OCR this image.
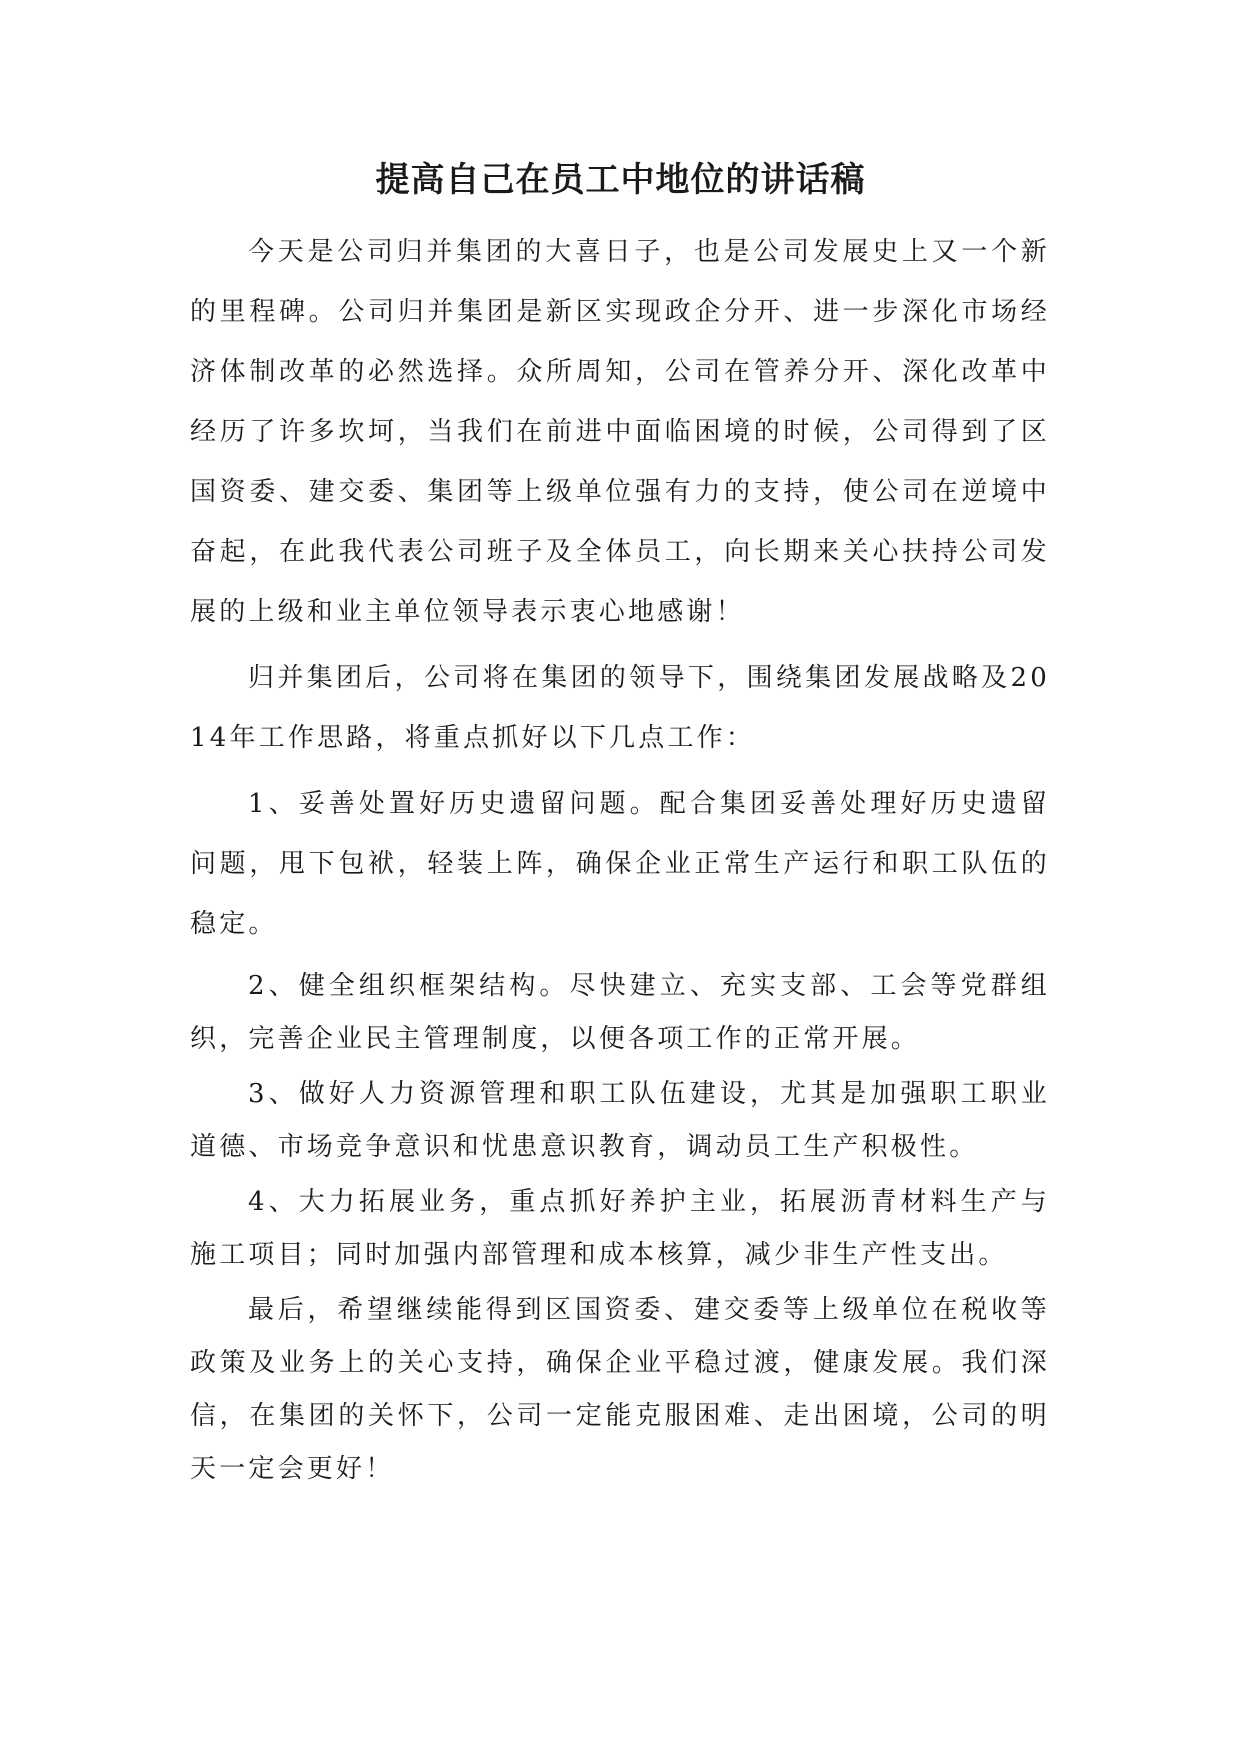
提高自己在员工中地位的讲话稿

今天是公司归并集团的大喜日子，也是公司发展史上又一个新的里程碑。公司归并集团是新区实现政企分开、进一步深化市场经济体制改革的必然选择。众所周知，公司在管养分开、深化改革中经历了许多坎坷，当我们在前进中面临困境的时候，公司得到了区国资委、建交委、集团等上级单位强有力的支持，使公司在逆境中奋起，在此我代表公司班子及全体员工，向长期来关心扶持公司发展的上级和业主单位领导表示衷心地感谢！

归并集团后，公司将在集团的领导下，围绕集团发展战略及2014年工作思路，将重点抓好以下几点工作：

1、妥善处置好历史遗留问题。配合集团妥善处理好历史遗留问题，甩下包袱，轻装上阵，确保企业正常生产运行和职工队伍的稳定。

2、健全组织框架结构。尽快建立、充实支部、工会等党群组织，完善企业民主管理制度，以便各项工作的正常开展。

3、做好人力资源管理和职工队伍建设，尤其是加强职工职业道德、市场竞争意识和忧患意识教育，调动员工生产积极性。

4、大力拓展业务，重点抓好养护主业，拓展沥青材料生产与施工项目；同时加强内部管理和成本核算，减少非生产性支出。

最后，希望继续能得到区国资委、建交委等上级单位在税收等政策及业务上的关心支持，确保企业平稳过渡，健康发展。我们深信，在集团的关怀下，公司一定能克服困难、走出困境，公司的明天一定会更好！
